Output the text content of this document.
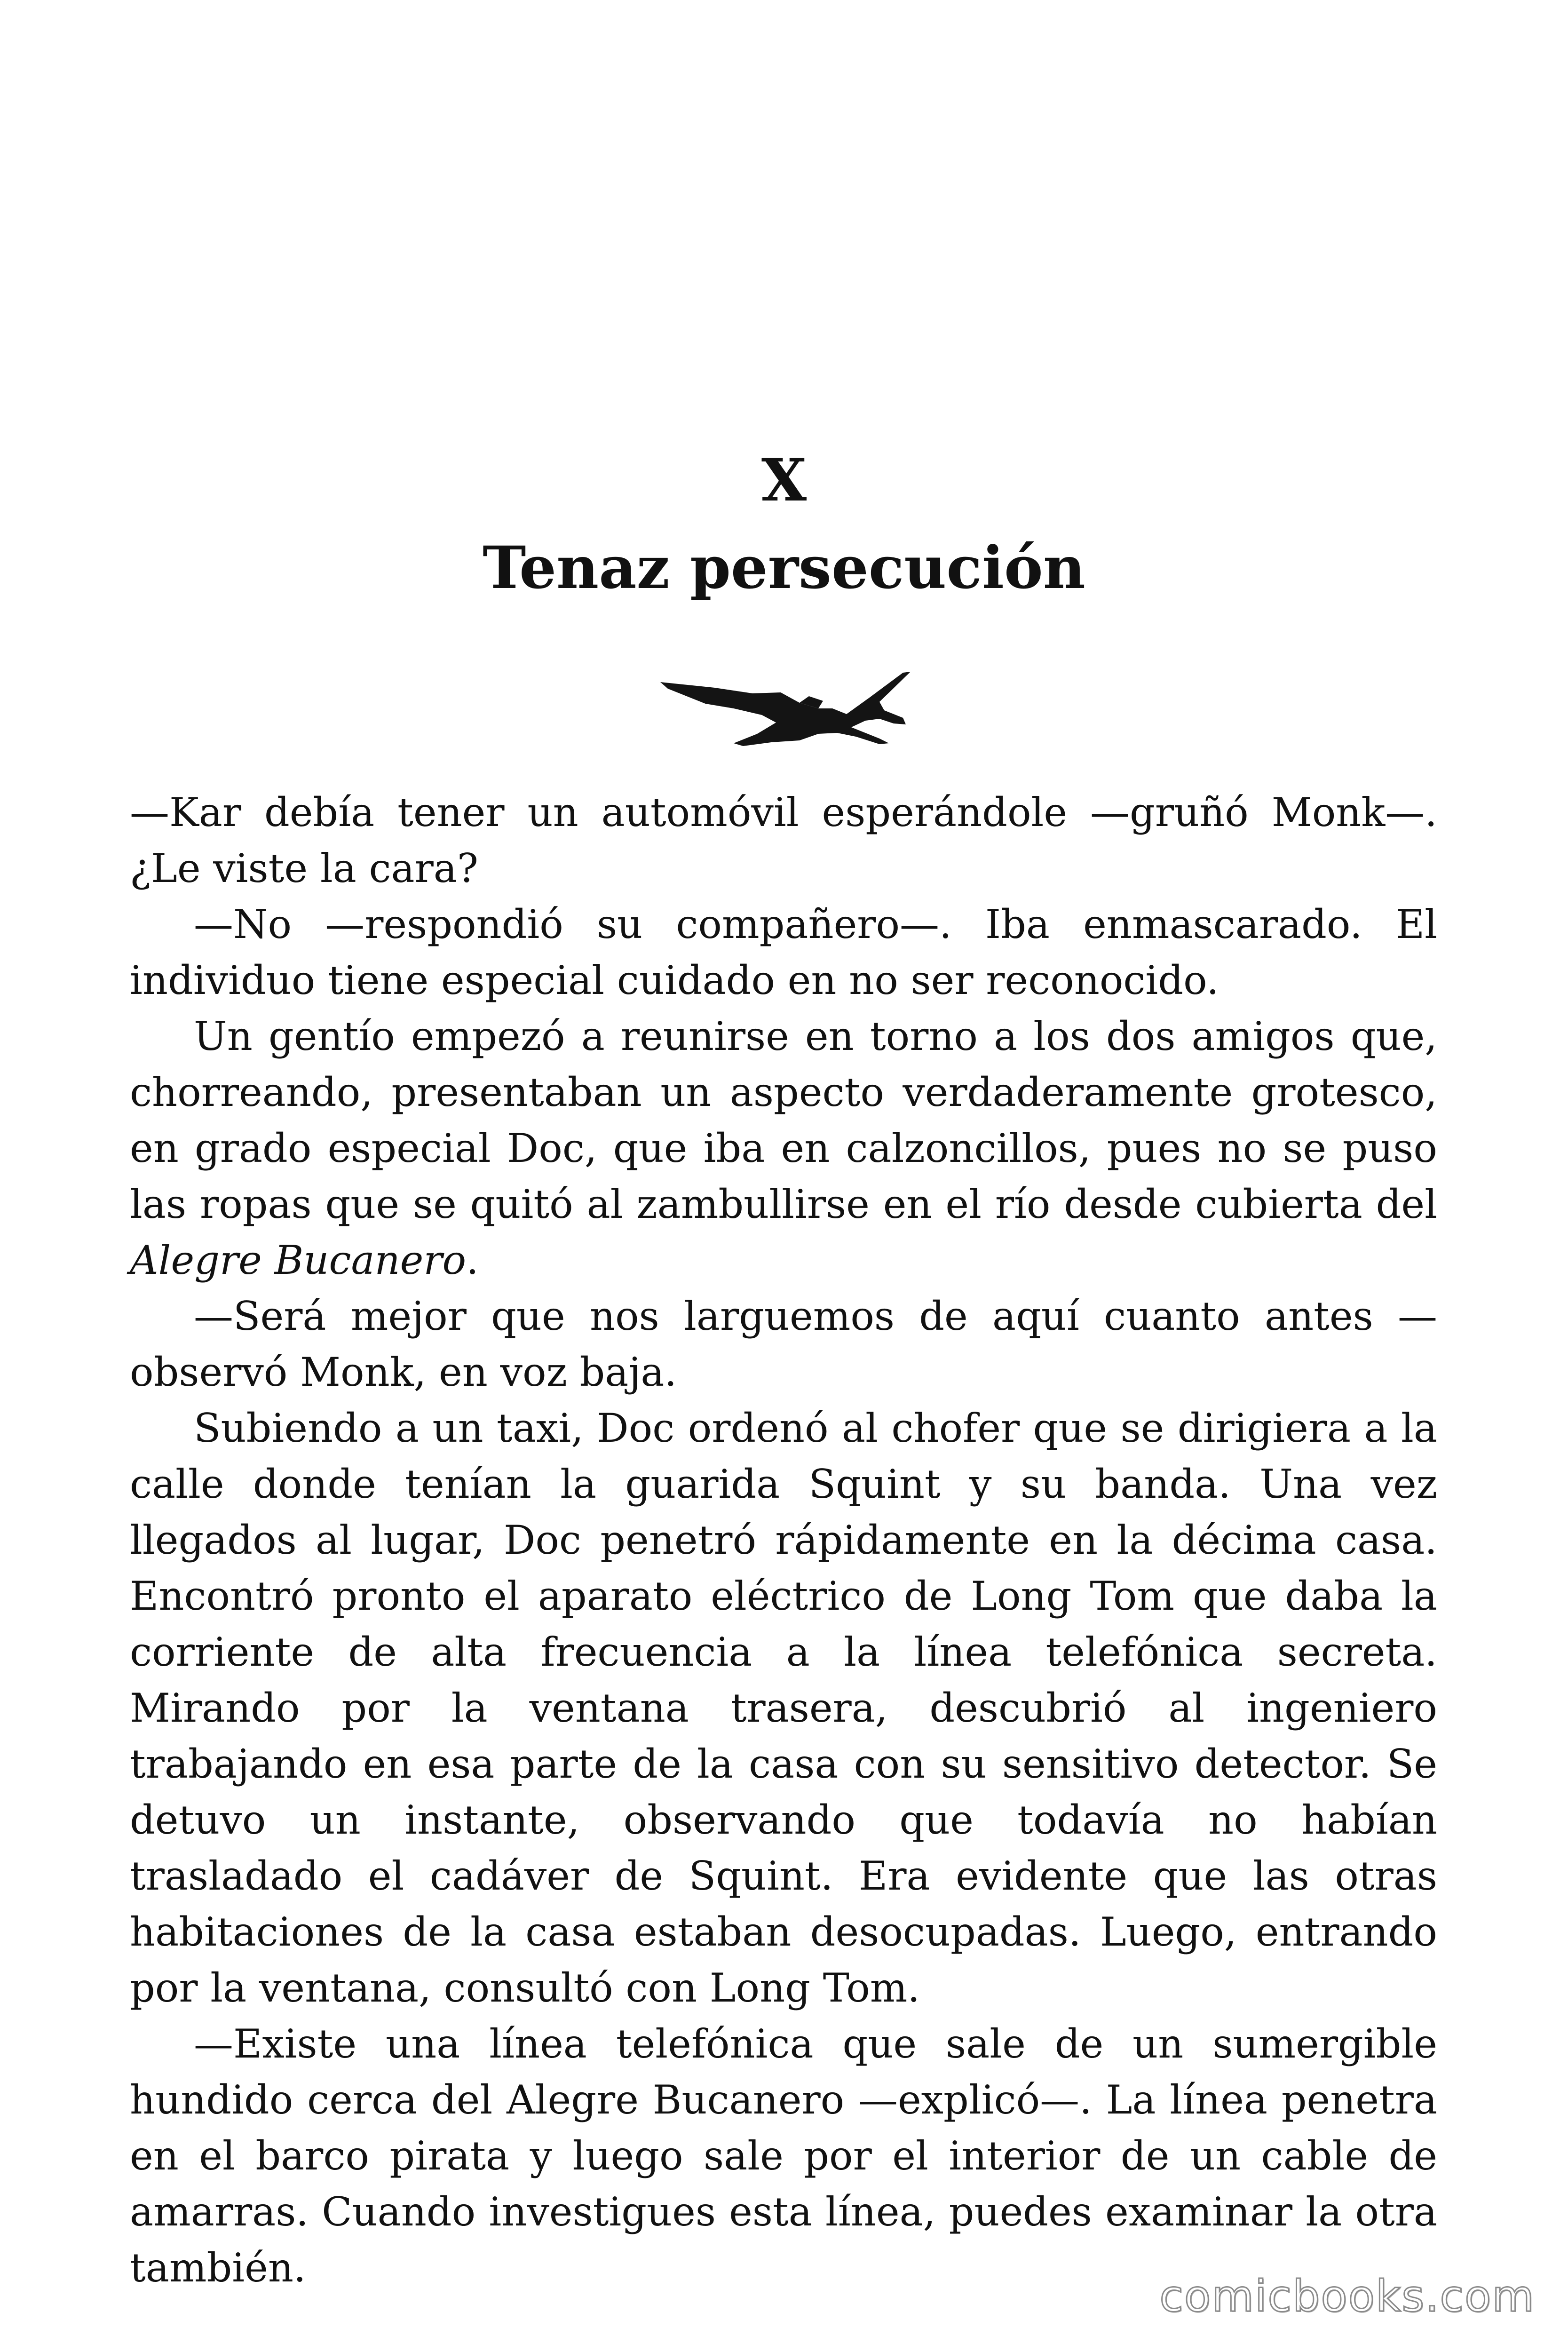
X
Tenaz persecución

—Kar debía tener un automóvil esperándole —gruñó Monk—. ¿Le viste la cara?

—No —respondió su compañero—. Iba enmascarado. El individuo tiene especial cuidado en no ser reconocido.

Un gentío empezó a reunirse en torno a los dos amigos que, chorreando, presentaban un aspecto verdaderamente grotesco, en grado especial Doc, que iba en calzoncillos, pues no se puso las ropas que se quitó al zambullirse en el río desde cubierta del Alegre Bucanero.

—Será mejor que nos larguemos de aquí cuanto antes —observó Monk, en voz baja.

Subiendo a un taxi, Doc ordenó al chofer que se dirigiera a la calle donde tenían la guarida Squint y su banda. Una vez llegados al lugar, Doc penetró rápidamente en la décima casa. Encontró pronto el aparato eléctrico de Long Tom que daba la corriente de alta frecuencia a la línea telefónica secreta. Mirando por la ventana trasera, descubrió al ingeniero trabajando en esa parte de la casa con su sensitivo detector. Se detuvo un instante, observando que todavía no habían trasladado el cadáver de Squint. Era evidente que las otras habitaciones de la casa estaban desocupadas. Luego, entrando por la ventana, consultó con Long Tom.

—Existe una línea telefónica que sale de un sumergible hundido cerca del Alegre Bucanero —explicó—. La línea penetra en el barco pirata y luego sale por el interior de un cable de amarras. Cuando investigues esta línea, puedes examinar la otra también.

comicbooks.com
